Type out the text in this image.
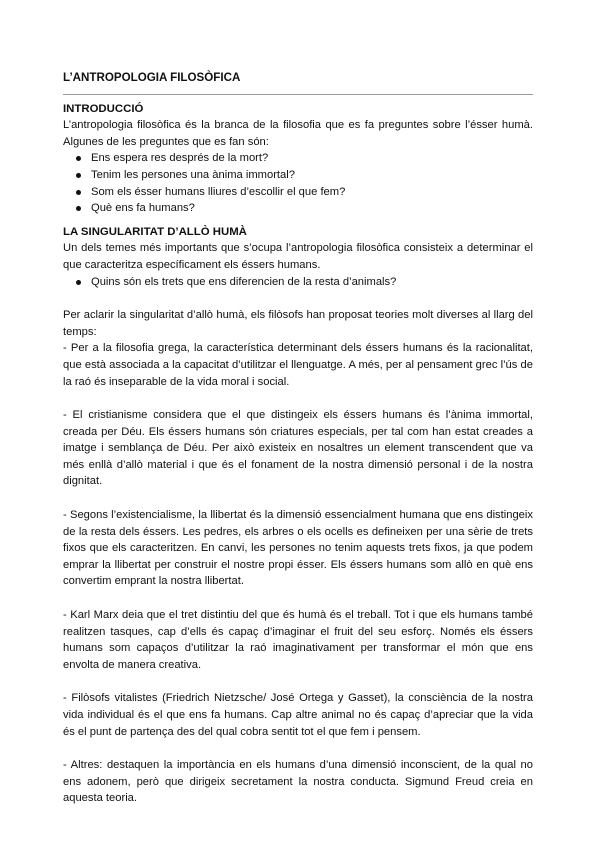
L’ANTROPOLOGIA FILOSÒFICA
INTRODUCCIÓ

L’antropologia filosòfica és la branca de la filosofia que es fa preguntes sobre l’ésser humà. Algunes de les preguntes que es fan són:

Ens espera res després de la mort?
Tenim les persones una ànima immortal?
Som els ésser humans lliures d’escollir el que fem?
Què ens fa humans?
LA SINGULARITAT D’ALLÒ HUMÀ

Un dels temes més importants que s’ocupa l’antropologia filosòfica consisteix a determinar el que caracteritza específicament els éssers humans.

Quins són els trets que ens diferencien de la resta d’animals?

Per aclarir la singularitat d’allò humà, els filòsofs han proposat teories molt diverses al llarg del temps:

- Per a la filosofia grega, la característica determinant dels éssers humans és la racionalitat, que està associada a la capacitat d’utilitzar el llenguatge. A més, per al pensament grec l’ús de la raó és inseparable de la vida moral i social.

- El cristianisme considera que el que distingeix els éssers humans és l’ànima immortal, creada per Déu. Els éssers humans són criatures especials, per tal com han estat creades a imatge i semblança de Déu. Per això existeix en nosaltres un element transcendent que va més enllà d’allò material i que és el fonament de la nostra dimensió personal i de la nostra dignitat.

- Segons l’existencialisme, la llibertat és la dimensió essencialment humana que ens distingeix de la resta dels éssers. Les pedres, els arbres o els ocells es defineixen per una sèrie de trets fixos que els caracteritzen. En canvi, les persones no tenim aquests trets fixos, ja que podem emprar la llibertat per construir el nostre propi ésser. Els éssers humans som allò en què ens convertim emprant la nostra llibertat.

- Karl Marx deia que el tret distintiu del que és humà és el treball. Tot i que els humans també realitzen tasques, cap d’ells és capaç d’imaginar el fruit del seu esforç. Només els éssers humans som capaços d’utilitzar la raó imaginativament per transformar el món que ens envolta de manera creativa.

- Filòsofs vitalistes (Friedrich Nietzsche/ José Ortega y Gasset), la consciència de la nostra vida individual és el que ens fa humans. Cap altre animal no és capaç d’apreciar que la vida és el punt de partença des del qual cobra sentit tot el que fem i pensem.

- Altres: destaquen la importància en els humans d’una dimensió inconscient, de la qual no ens adonem, però que dirigeix secretament la nostra conducta. Sigmund Freud creia en aquesta teoria.
